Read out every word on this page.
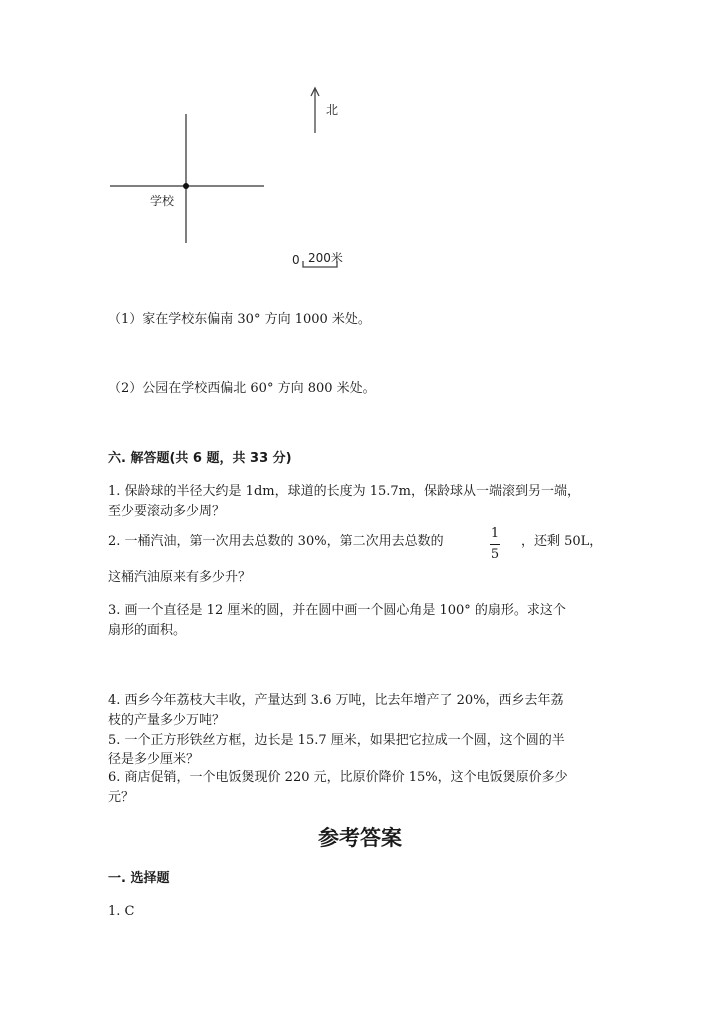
北
学校
0 200米
（1）家在学校东偏南 30° 方向 1000 米处。
（2）公园在学校西偏北 60° 方向 800 米处。
六. 解答题(共 6 题，共 33 分)
1. 保龄球的半径大约是 1dm，球道的长度为 15.7m，保龄球从一端滚到另一端，
至少要滚动多少周？
2. 一桶汽油，第一次用去总数的 30%，第二次用去总数的
1
5
，还剩 50L，
这桶汽油原来有多少升？
3. 画一个直径是 12 厘米的圆，并在圆中画一个圆心角是 100° 的扇形。求这个
扇形的面积。
4. 西乡今年荔枝大丰收，产量达到 3.6 万吨，比去年增产了 20%，西乡去年荔
枝的产量多少万吨？
5. 一个正方形铁丝方框，边长是 15.7 厘米，如果把它拉成一个圆，这个圆的半
径是多少厘米？
6. 商店促销，一个电饭煲现价 220 元，比原价降价 15%，这个电饭煲原价多少
元？
参考答案
一. 选择题
1. C
